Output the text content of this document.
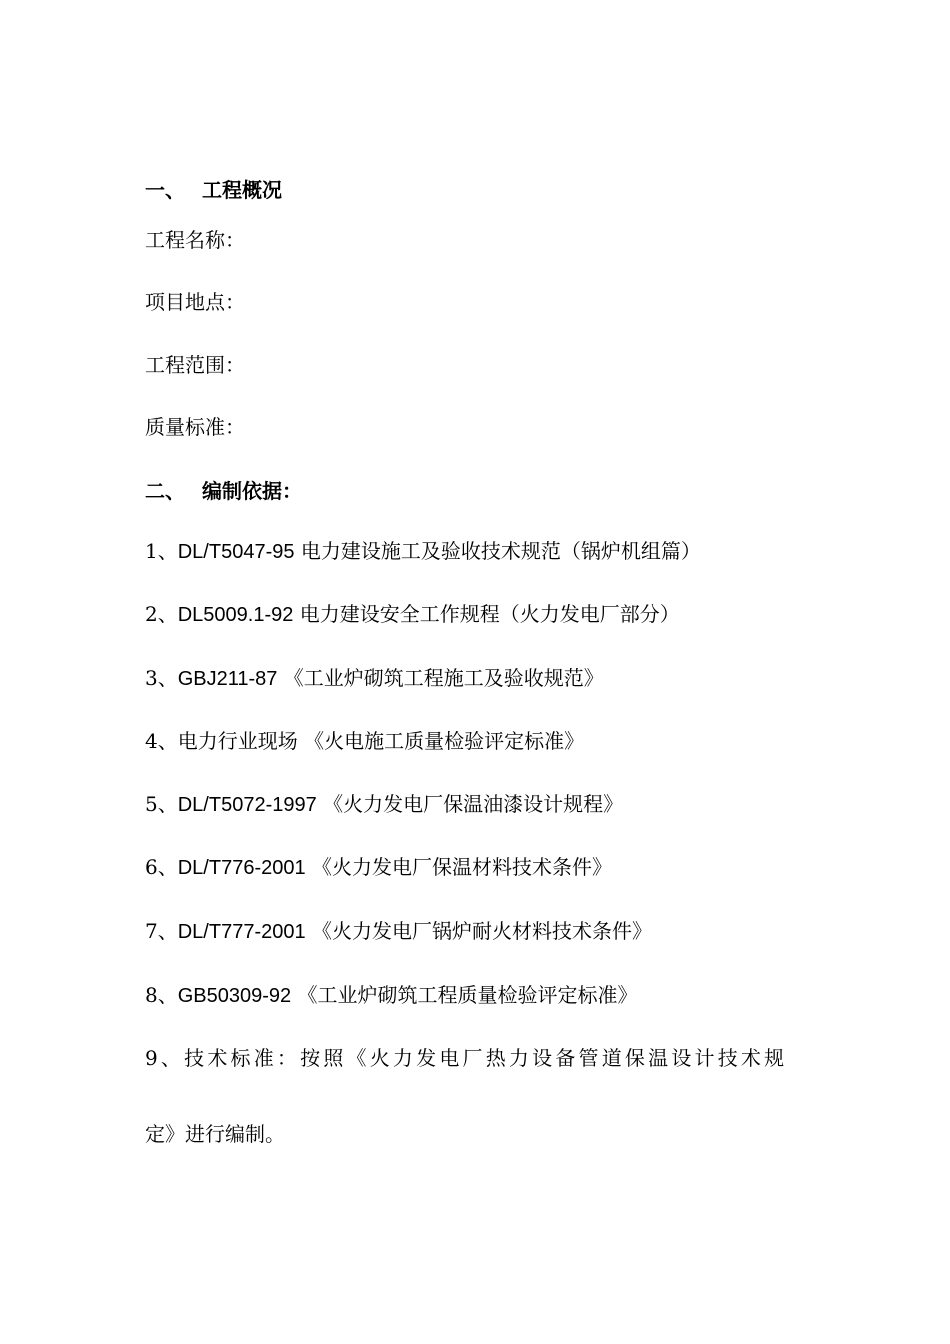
一、 工程概况
工程名称：
项目地点：
工程范围：
质量标准：
二、 编制依据：
1、DL/T5047-95 电力建设施工及验收技术规范（锅炉机组篇）
2、DL5009.1-92 电力建设安全工作规程（火力发电厂部分）
3、GBJ211-87 《工业炉砌筑工程施工及验收规范》
4、电力行业现场 《火电施工质量检验评定标准》
5、DL/T5072-1997 《火力发电厂保温油漆设计规程》
6、DL/T776-2001 《火力发电厂保温材料技术条件》
7、DL/T777-2001 《火力发电厂锅炉耐火材料技术条件》
8、GB50309-92 《工业炉砌筑工程质量检验评定标准》
9、技术标准：按照《火力发电厂热力设备管道保温设计技术规
定》进行编制。
